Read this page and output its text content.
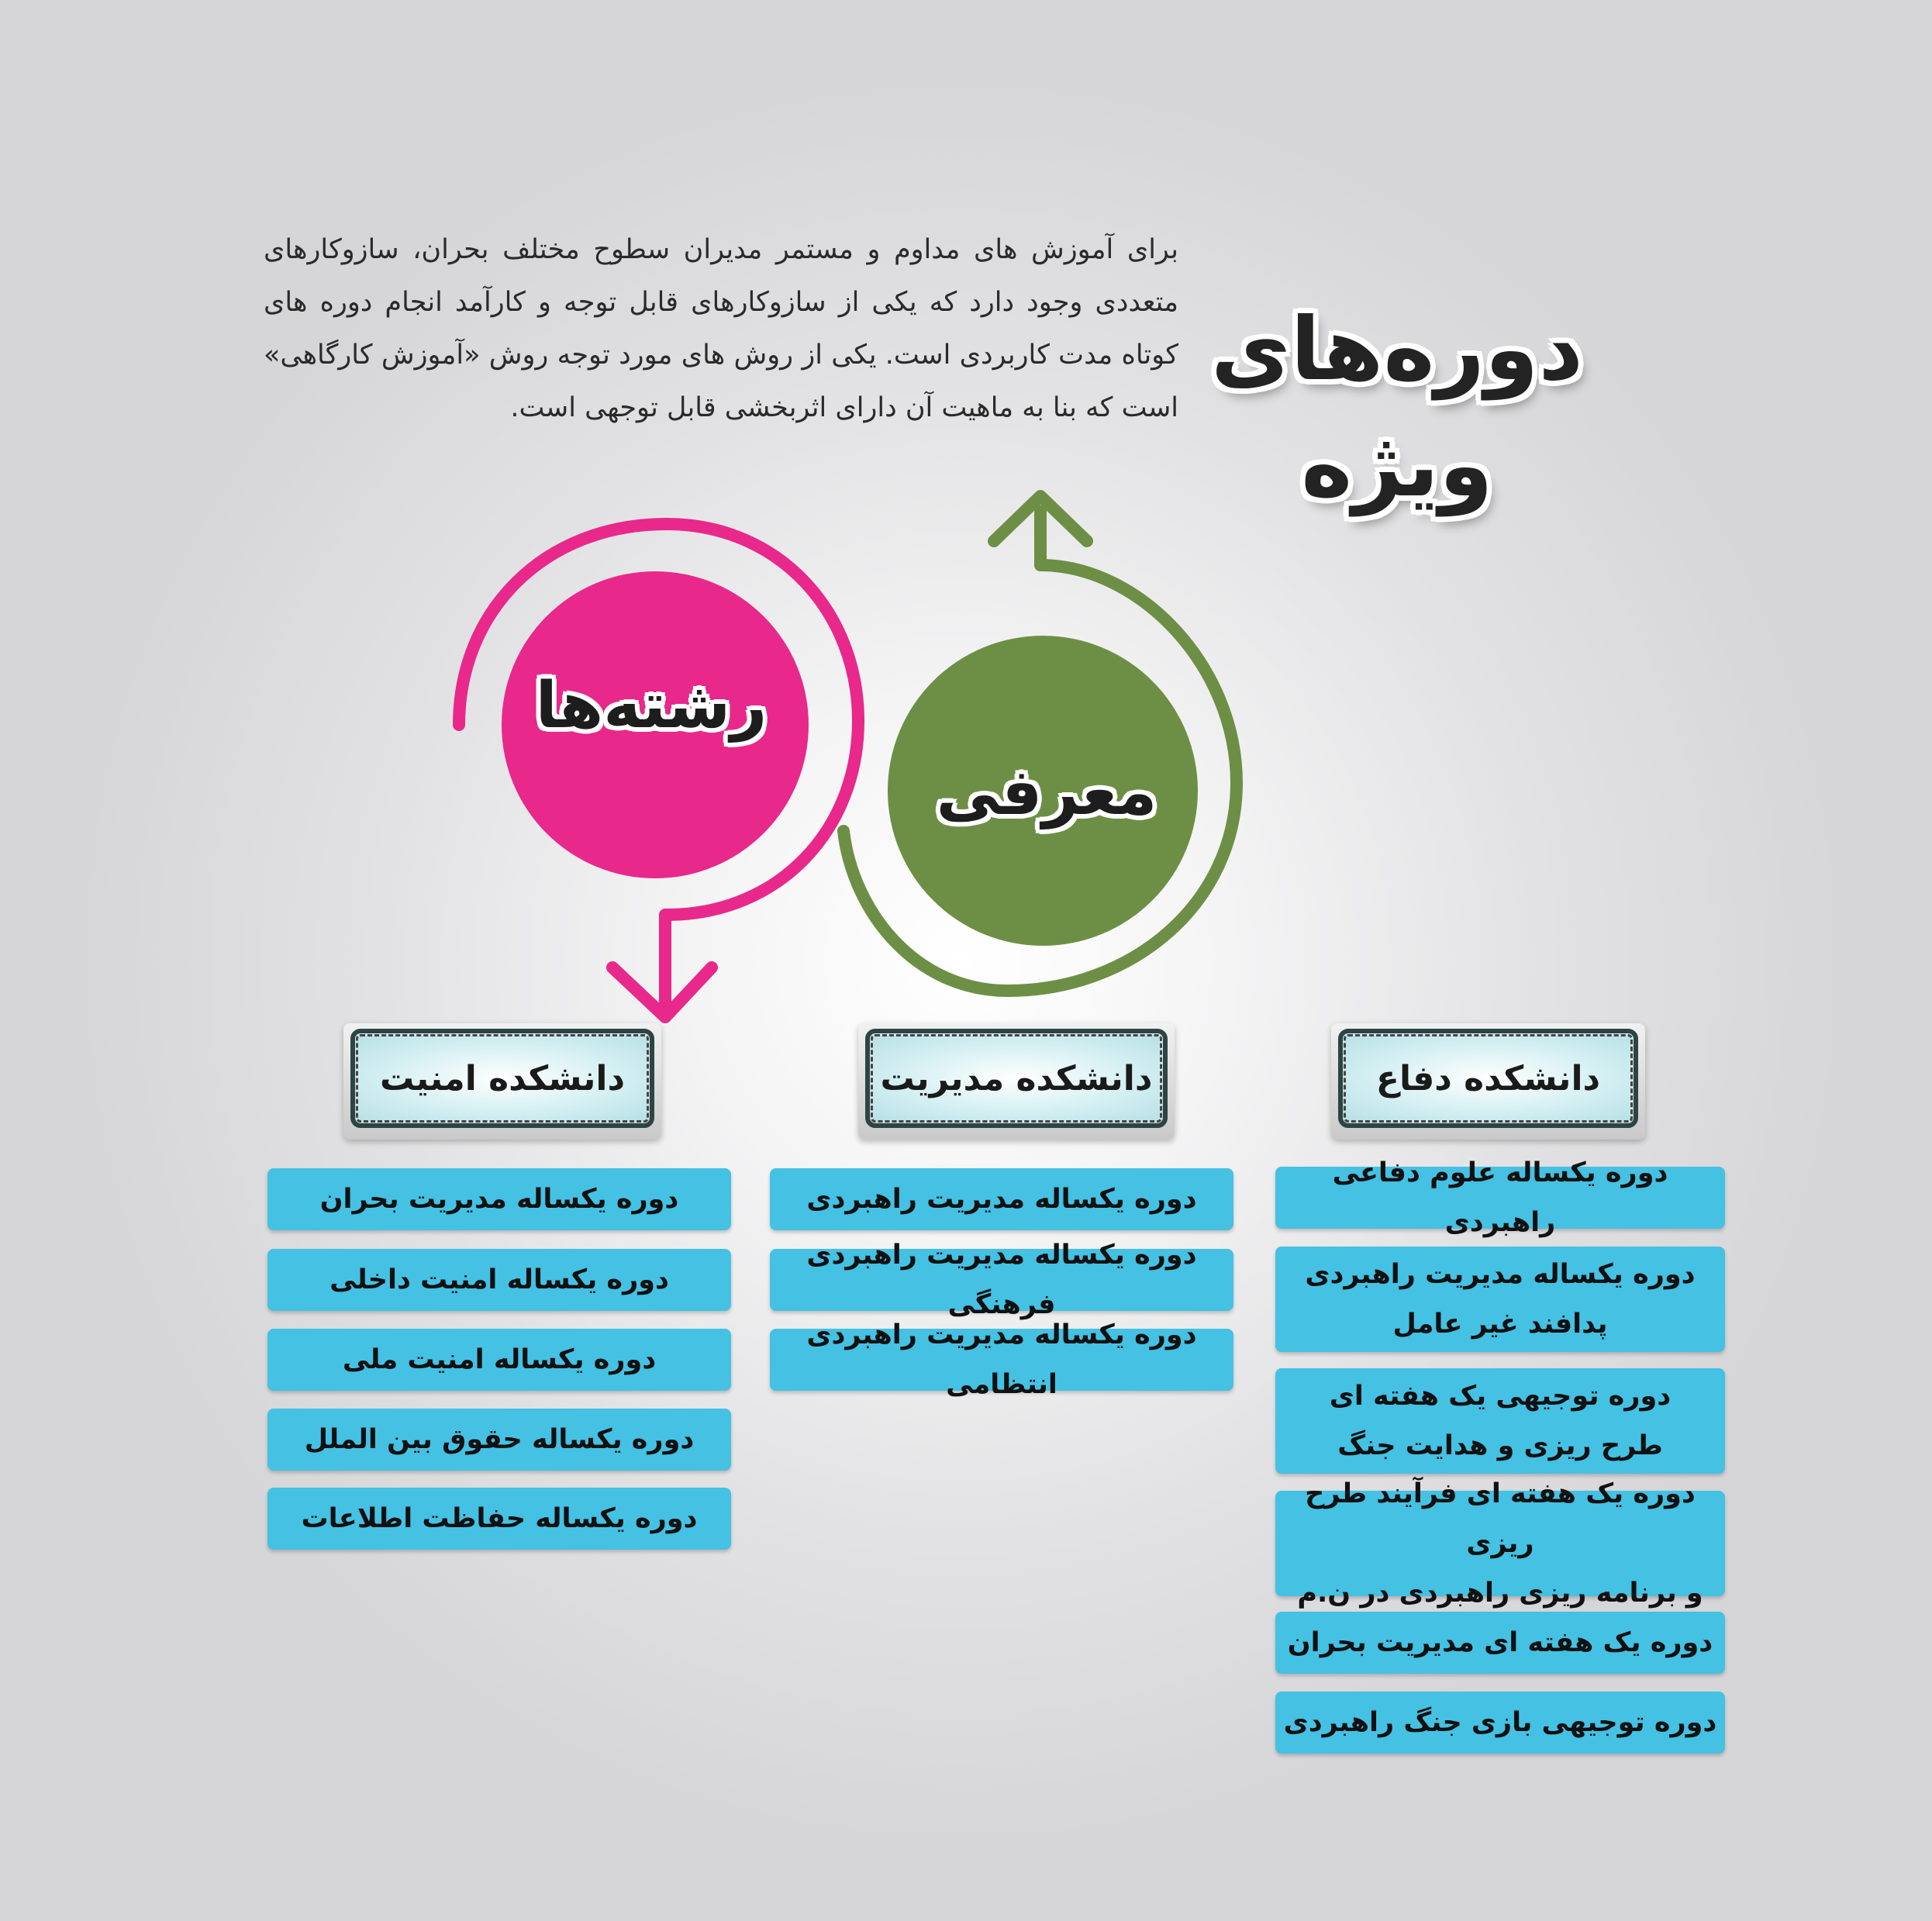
دوره‌های
ویژه
برای آموزش های مداوم و مستمر مدیران سطوح مختلف بحران، سازوکارهای متعددی وجود دارد که یکی از سازوکارهای قابل توجه و کارآمد انجام دوره های کوتاه مدت کاربردی است. یکی از روش های مورد توجه روش «آموزش کارگاهی» است که بنا به ماهیت آن دارای اثربخشی قابل توجهی است.
رشته‌ها
معرفی
دانشکده امنیت	دانشکده مدیریت	دانشکده دفاع
دوره یکساله مدیریت بحران
دوره یکساله امنیت داخلی
دوره یکساله امنیت ملی
دوره یکساله حقوق بین الملل
دوره یکساله حفاظت اطلاعات
دوره یکساله مدیریت راهبردی
دوره یکساله مدیریت راهبردی فرهنگی
دوره یکساله مدیریت راهبردی انتظامی
دوره یکساله علوم دفاعی راهبردی
دوره یکساله مدیریت راهبردی
پدافند غیر عامل
دوره توجیهی یک هفته ای
طرح ریزی و هدایت جنگ
دوره یک هفته ای فرآیند طرح ریزی
و برنامه ریزی راهبردی در ن.م
دوره یک هفته ای مدیریت بحران
دوره توجیهی بازی جنگ راهبردی
